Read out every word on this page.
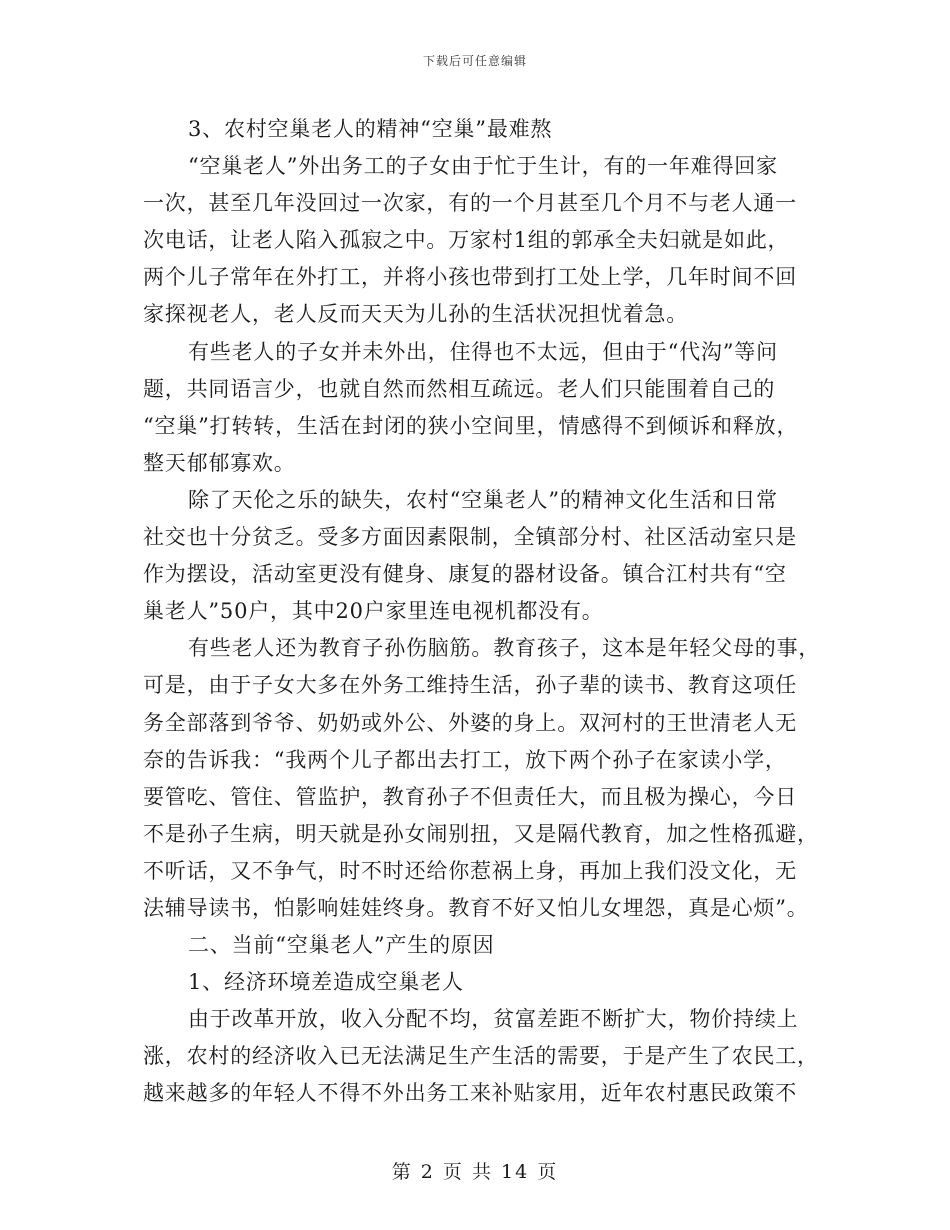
下载后可任意编辑

3、农村空巢老人的精神“空巢”最难熬

“空巢老人”外出务工的子女由于忙于生计，有的一年难得回家
一次，甚至几年没回过一次家，有的一个月甚至几个月不与老人通一
次电话，让老人陷入孤寂之中。万家村1组的郭承全夫妇就是如此，
两个儿子常年在外打工，并将小孩也带到打工处上学，几年时间不回
家探视老人，老人反而天天为儿孙的生活状况担忧着急。

有些老人的子女并未外出，住得也不太远，但由于“代沟”等问
题，共同语言少，也就自然而然相互疏远。老人们只能围着自己的
“空巢”打转转，生活在封闭的狭小空间里，情感得不到倾诉和释放，
整天郁郁寡欢。

除了天伦之乐的缺失，农村“空巢老人”的精神文化生活和日常
社交也十分贫乏。受多方面因素限制，全镇部分村、社区活动室只是
作为摆设，活动室更没有健身、康复的器材设备。镇合江村共有“空
巢老人”50户，其中20户家里连电视机都没有。

有些老人还为教育子孙伤脑筋。教育孩子，这本是年轻父母的事，
可是，由于子女大多在外务工维持生活，孙子辈的读书、教育这项任
务全部落到爷爷、奶奶或外公、外婆的身上。双河村的王世清老人无
奈的告诉我：“我两个儿子都出去打工，放下两个孙子在家读小学，
要管吃、管住、管监护，教育孙子不但责任大，而且极为操心，今日
不是孙子生病，明天就是孙女闹别扭，又是隔代教育，加之性格孤避，
不听话，又不争气，时不时还给你惹祸上身，再加上我们没文化，无
法辅导读书，怕影响娃娃终身。教育不好又怕儿女埋怨，真是心烦”。

二、当前“空巢老人”产生的原因

1、经济环境差造成空巢老人

由于改革开放，收入分配不均，贫富差距不断扩大，物价持续上
涨，农村的经济收入已无法满足生产生活的需要，于是产生了农民工，
越来越多的年轻人不得不外出务工来补贴家用，近年农村惠民政策不

第 2 页 共 14 页
